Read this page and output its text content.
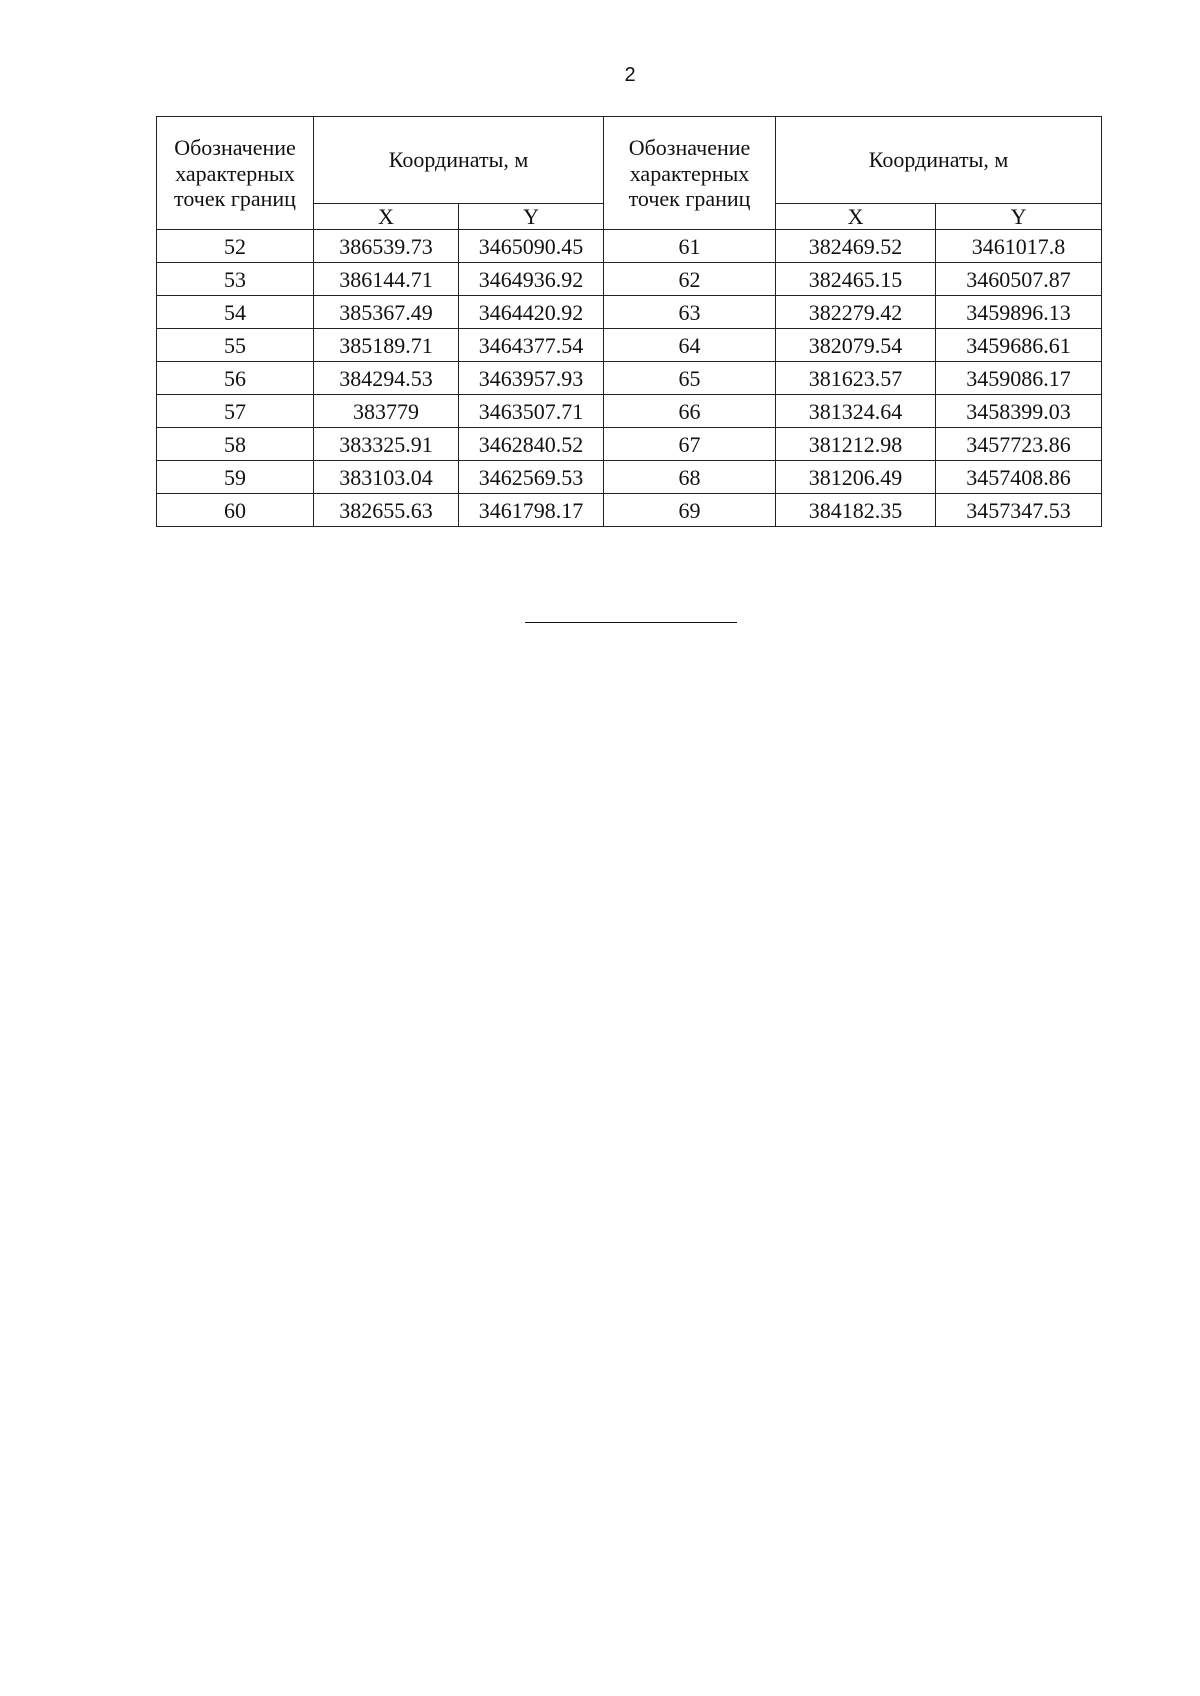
2
Обозначение характерных точек границ	Координаты, м		Обозначение характерных точек границ	Координаты, м	
	X	Y		X	Y
52	386539.73	3465090.45	61	382469.52	3461017.8
53	386144.71	3464936.92	62	382465.15	3460507.87
54	385367.49	3464420.92	63	382279.42	3459896.13
55	385189.71	3464377.54	64	382079.54	3459686.61
56	384294.53	3463957.93	65	381623.57	3459086.17
57	383779	3463507.71	66	381324.64	3458399.03
58	383325.91	3462840.52	67	381212.98	3457723.86
59	383103.04	3462569.53	68	381206.49	3457408.86
60	382655.63	3461798.17	69	384182.35	3457347.53
